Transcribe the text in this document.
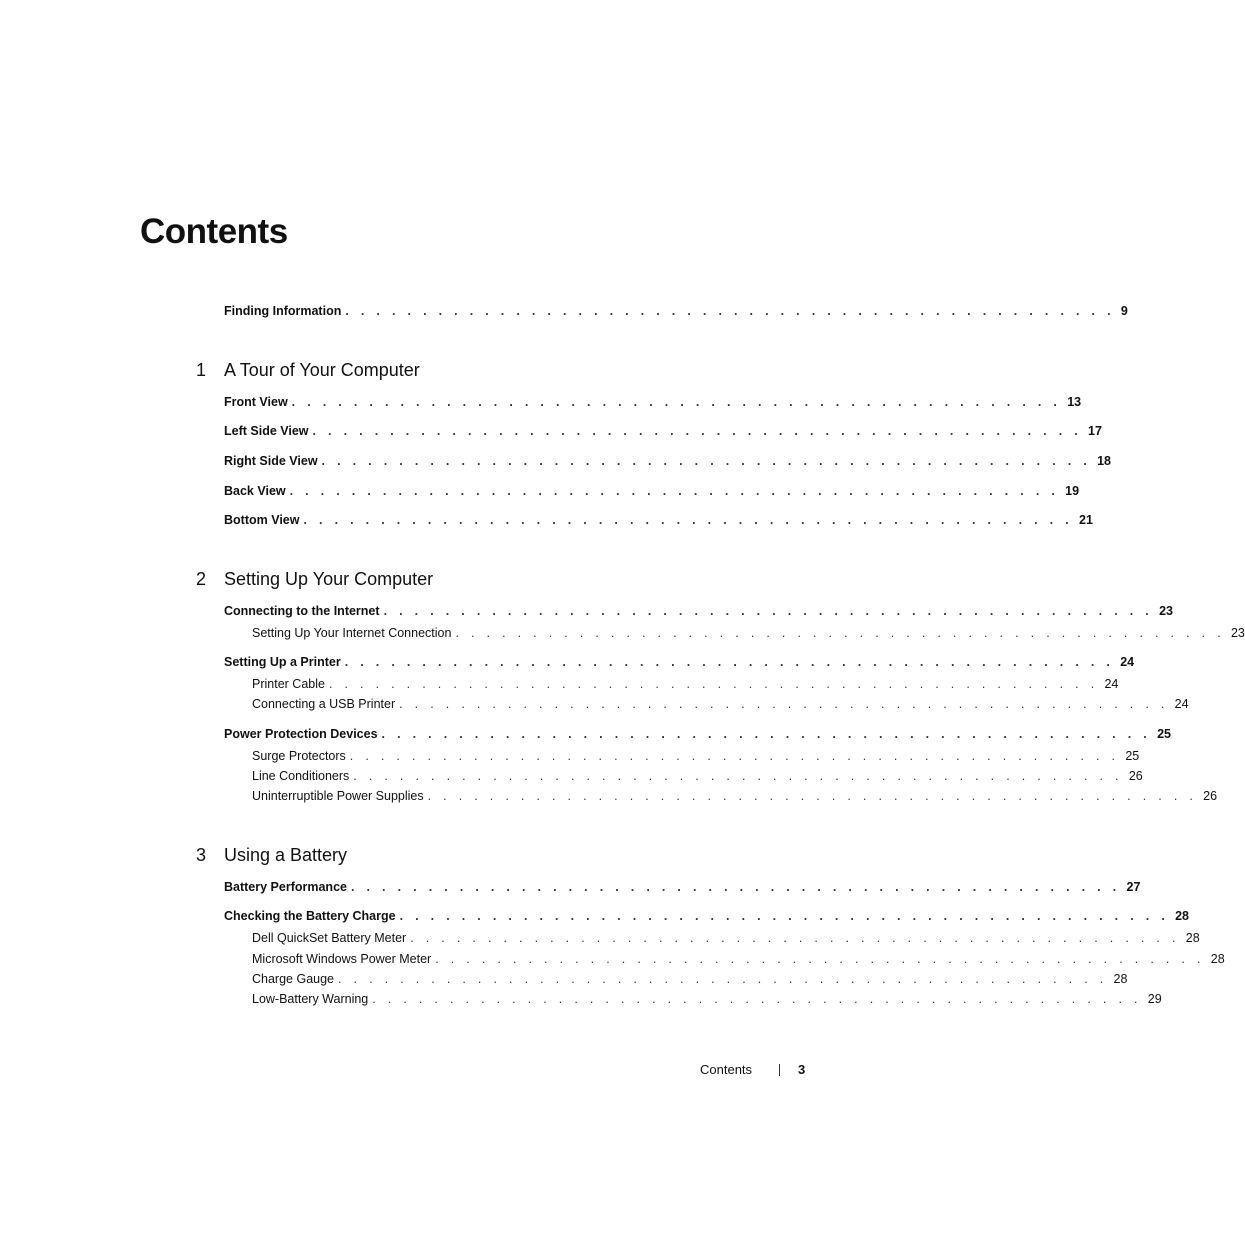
Contents
Finding Information . . . . . . . . . . . . . . . . . . . . . . . . . . . . . . . . . . . . . . . . . . . . . . . . . . 9
1 A Tour of Your Computer
Front View . . . . . . . . . . . . . . . . . . . . . . . . . . . . . . . . . . . . . . . . . . . . . . . . . . 13
Left Side View . . . . . . . . . . . . . . . . . . . . . . . . . . . . . . . . . . . . . . . . . . . . . . . . . . 17
Right Side View . . . . . . . . . . . . . . . . . . . . . . . . . . . . . . . . . . . . . . . . . . . . . . . . . . 18
Back View . . . . . . . . . . . . . . . . . . . . . . . . . . . . . . . . . . . . . . . . . . . . . . . . . . 19
Bottom View . . . . . . . . . . . . . . . . . . . . . . . . . . . . . . . . . . . . . . . . . . . . . . . . . . 21
2 Setting Up Your Computer
Connecting to the Internet . . . . . . . . . . . . . . . . . . . . . . . . . . . . . . . . . . . . . . . . . . . . . . . . . . 23
Setting Up Your Internet Connection . . . . . . . . . . . . . . . . . . . . . . . . . . . . . . . . . . . . . . . . . . . . . . . . . . 23
Setting Up a Printer . . . . . . . . . . . . . . . . . . . . . . . . . . . . . . . . . . . . . . . . . . . . . . . . . . 24
Printer Cable . . . . . . . . . . . . . . . . . . . . . . . . . . . . . . . . . . . . . . . . . . . . . . . . . . 24
Connecting a USB Printer . . . . . . . . . . . . . . . . . . . . . . . . . . . . . . . . . . . . . . . . . . . . . . . . . . 24
Power Protection Devices . . . . . . . . . . . . . . . . . . . . . . . . . . . . . . . . . . . . . . . . . . . . . . . . . . 25
Surge Protectors . . . . . . . . . . . . . . . . . . . . . . . . . . . . . . . . . . . . . . . . . . . . . . . . . . 25
Line Conditioners . . . . . . . . . . . . . . . . . . . . . . . . . . . . . . . . . . . . . . . . . . . . . . . . . . 26
Uninterruptible Power Supplies . . . . . . . . . . . . . . . . . . . . . . . . . . . . . . . . . . . . . . . . . . . . . . . . . . 26
3 Using a Battery
Battery Performance . . . . . . . . . . . . . . . . . . . . . . . . . . . . . . . . . . . . . . . . . . . . . . . . . . 27
Checking the Battery Charge . . . . . . . . . . . . . . . . . . . . . . . . . . . . . . . . . . . . . . . . . . . . . . . . . . 28
Dell QuickSet Battery Meter . . . . . . . . . . . . . . . . . . . . . . . . . . . . . . . . . . . . . . . . . . . . . . . . . . 28
Microsoft Windows Power Meter . . . . . . . . . . . . . . . . . . . . . . . . . . . . . . . . . . . . . . . . . . . . . . . . . . 28
Charge Gauge . . . . . . . . . . . . . . . . . . . . . . . . . . . . . . . . . . . . . . . . . . . . . . . . . . 28
Low-Battery Warning . . . . . . . . . . . . . . . . . . . . . . . . . . . . . . . . . . . . . . . . . . . . . . . . . . 29
Contents	3
